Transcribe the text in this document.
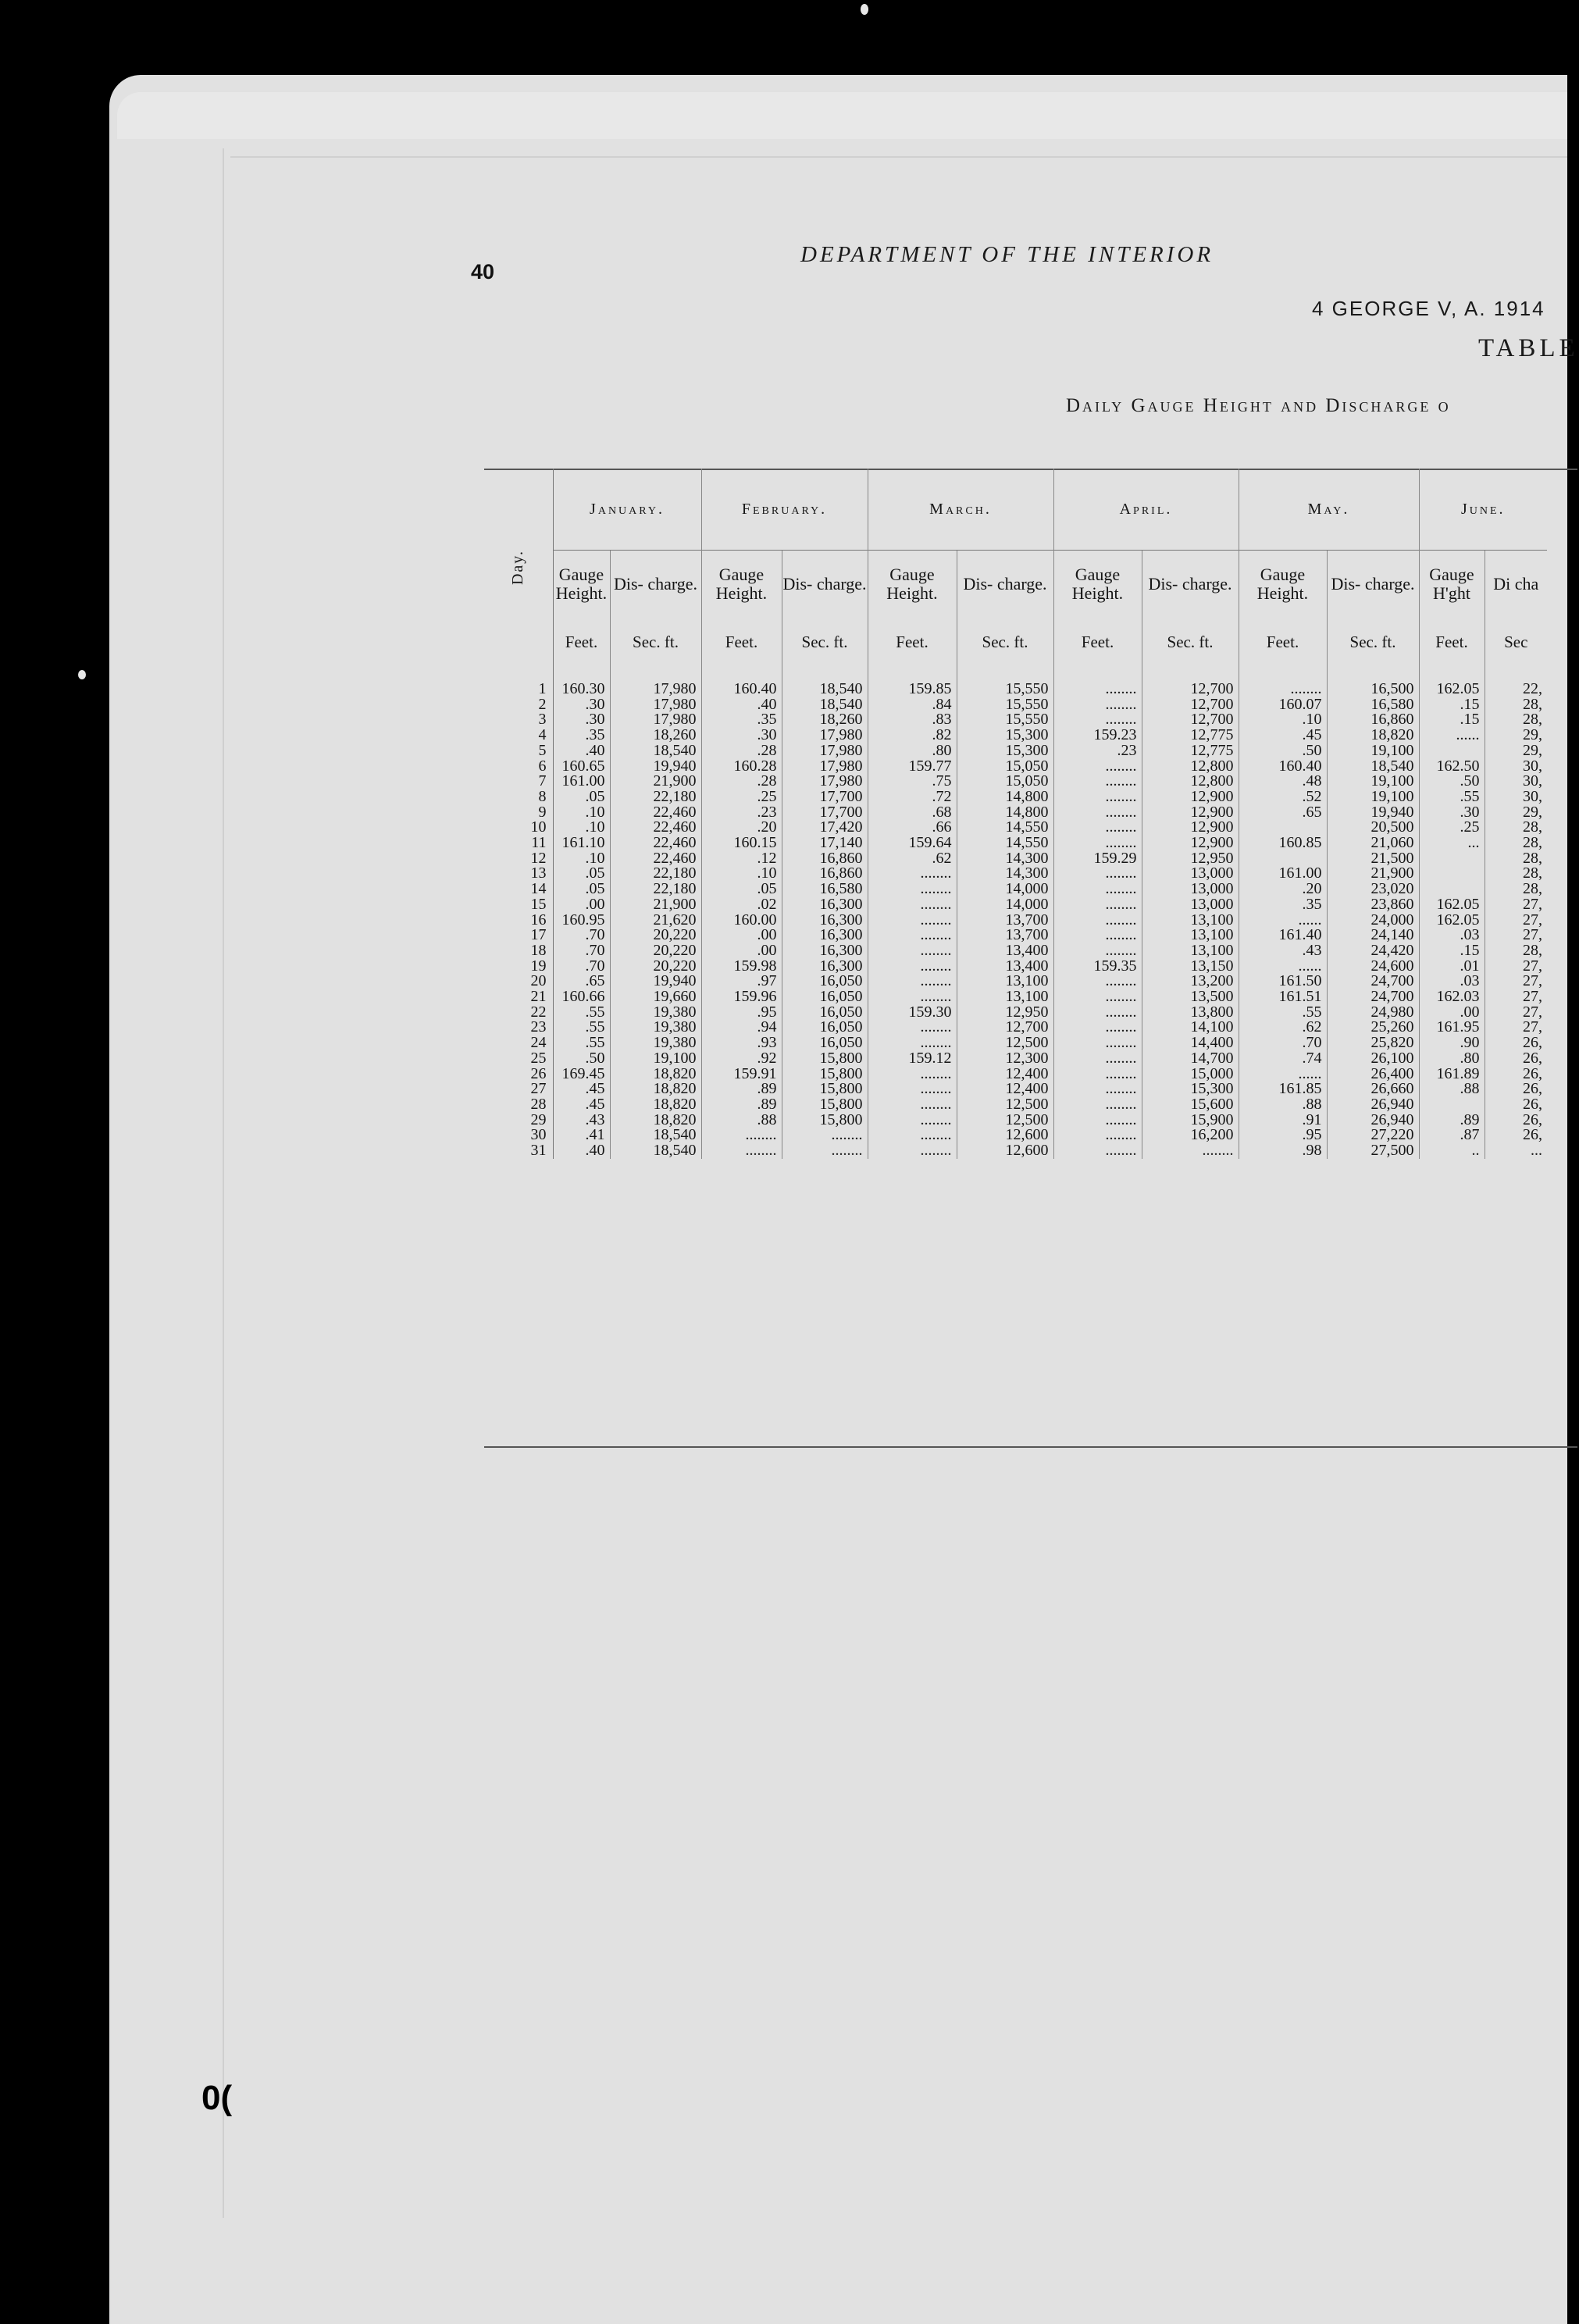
40
DEPARTMENT OF THE INTERIOR
4 GEORGE V, A. 1914
TABLE
Daily Gauge Height and Discharge o
0(
Day.	January.		February.		March.		April.		May.		June.	
	Gauge Height.	Dis- charge.	Gauge Height.	Dis- charge.	Gauge Height.	Dis- charge.	Gauge Height.	Dis- charge.	Gauge Height.	Dis- charge.	Gauge H'ght	Di cha
	Feet.	Sec. ft.	Feet.	Sec. ft.	Feet.	Sec. ft.	Feet.	Sec. ft.	Feet.	Sec. ft.	Feet.	Sec
1	160.30	17,980	160.40	18,540	159.85	15,550	........	12,700	........	16,500	162.05	22,
2	.30	17,980	.40	18,540	.84	15,550	........	12,700	160.07	16,580	.15	28,
3	.30	17,980	.35	18,260	.83	15,550	........	12,700	.10	16,860	.15	28,
4	.35	18,260	.30	17,980	.82	15,300	159.23	12,775	.45	18,820	......	29,
5	.40	18,540	.28	17,980	.80	15,300	.23	12,775	.50	19,100		29,
6	160.65	19,940	160.28	17,980	159.77	15,050	........	12,800	160.40	18,540	162.50	30,
7	161.00	21,900	.28	17,980	.75	15,050	........	12,800	.48	19,100	.50	30,
8	.05	22,180	.25	17,700	.72	14,800	........	12,900	.52	19,100	.55	30,
9	.10	22,460	.23	17,700	.68	14,800	........	12,900	.65	19,940	.30	29,
10	.10	22,460	.20	17,420	.66	14,550	........	12,900		20,500	.25	28,
11	161.10	22,460	160.15	17,140	159.64	14,550	........	12,900	160.85	21,060	...	28,
12	.10	22,460	.12	16,860	.62	14,300	159.29	12,950		21,500		28,
13	.05	22,180	.10	16,860	........	14,300	........	13,000	161.00	21,900		28,
14	.05	22,180	.05	16,580	........	14,000	........	13,000	.20	23,020		28,
15	.00	21,900	.02	16,300	........	14,000	........	13,000	.35	23,860	162.05	27,
16	160.95	21,620	160.00	16,300	........	13,700	........	13,100	......	24,000	162.05	27,
17	.70	20,220	.00	16,300	........	13,700	........	13,100	161.40	24,140	.03	27,
18	.70	20,220	.00	16,300	........	13,400	........	13,100	.43	24,420	.15	28,
19	.70	20,220	159.98	16,300	........	13,400	159.35	13,150	......	24,600	.01	27,
20	.65	19,940	.97	16,050	........	13,100	........	13,200	161.50	24,700	.03	27,
21	160.66	19,660	159.96	16,050	........	13,100	........	13,500	161.51	24,700	162.03	27,
22	.55	19,380	.95	16,050	159.30	12,950	........	13,800	.55	24,980	.00	27,
23	.55	19,380	.94	16,050	........	12,700	........	14,100	.62	25,260	161.95	27,
24	.55	19,380	.93	16,050	........	12,500	........	14,400	.70	25,820	.90	26,
25	.50	19,100	.92	15,800	159.12	12,300	........	14,700	.74	26,100	.80	26,
26	169.45	18,820	159.91	15,800	........	12,400	........	15,000	......	26,400	161.89	26,
27	.45	18,820	.89	15,800	........	12,400	........	15,300	161.85	26,660	.88	26,
28	.45	18,820	.89	15,800	........	12,500	........	15,600	.88	26,940		26,
29	.43	18,820	.88	15,800	........	12,500	........	15,900	.91	26,940	.89	26,
30	.41	18,540	........	........	........	12,600	........	16,200	.95	27,220	.87	26,
31	.40	18,540	........	........	........	12,600	........	........	.98	27,500	..	...
